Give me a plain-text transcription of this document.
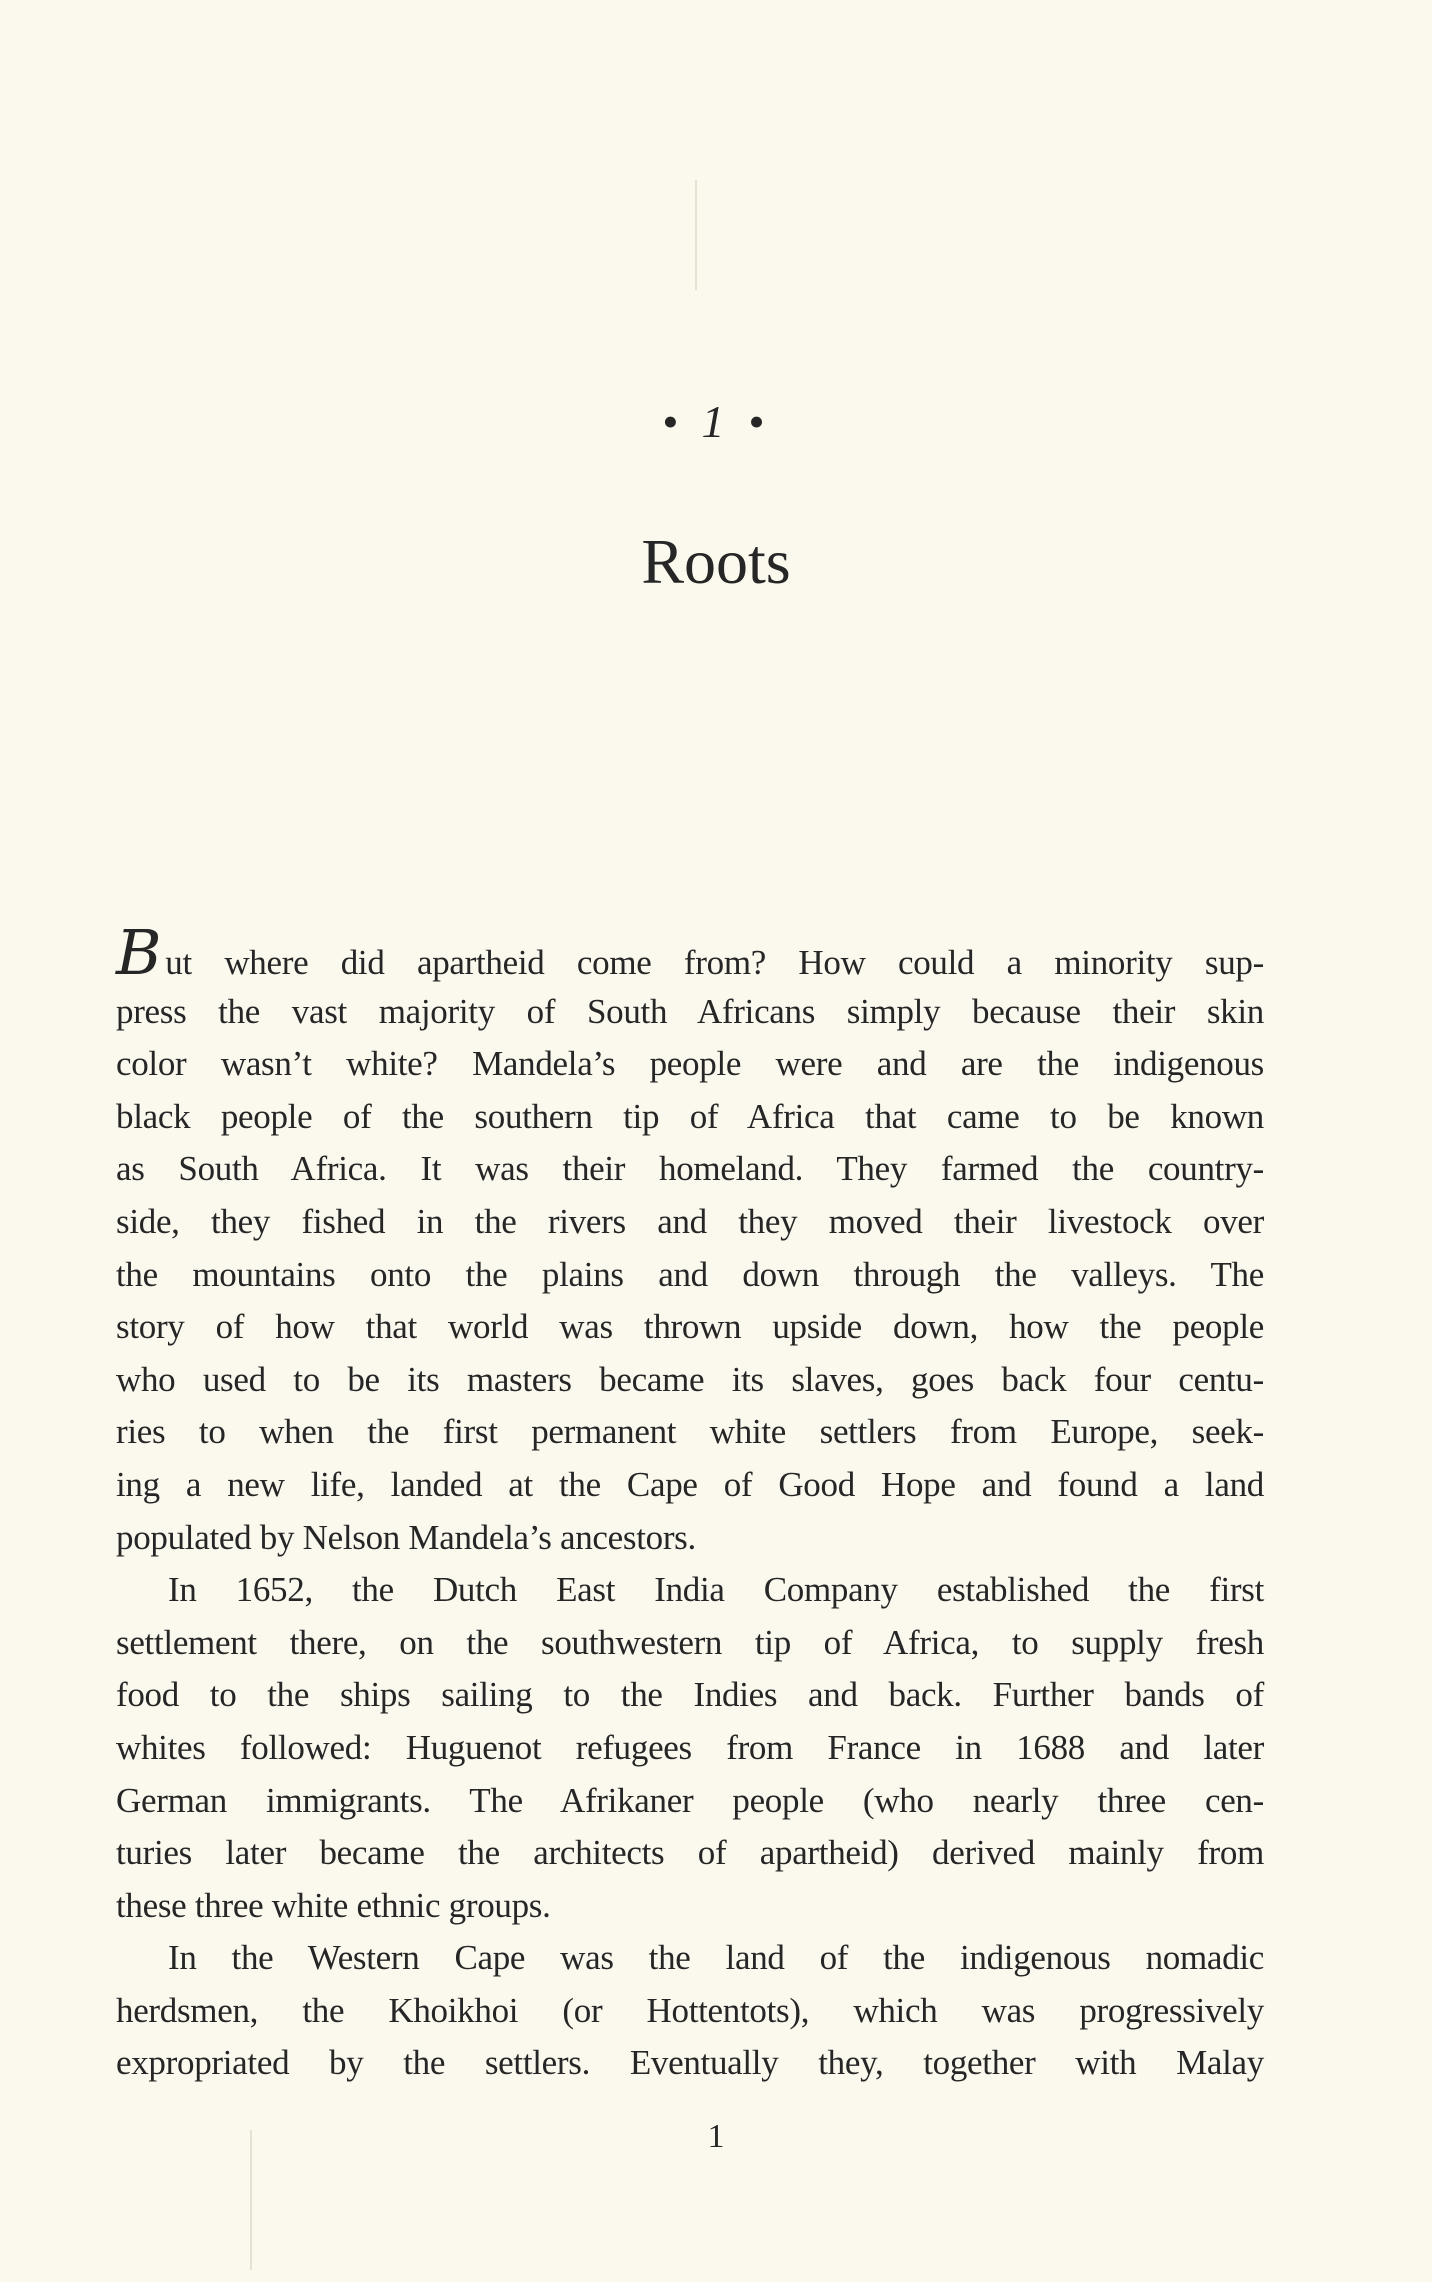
• 1 •
Roots
But where did apartheid come from? How could a minority sup-
press the vast majority of South Africans simply because their skin
color wasn’t white? Mandela’s people were and are the indigenous
black people of the southern tip of Africa that came to be known
as South Africa. It was their homeland. They farmed the country-
side, they fished in the rivers and they moved their livestock over
the mountains onto the plains and down through the valleys. The
story of how that world was thrown upside down, how the people
who used to be its masters became its slaves, goes back four centu-
ries to when the first permanent white settlers from Europe, seek-
ing a new life, landed at the Cape of Good Hope and found a land
populated by Nelson Mandela’s ancestors.
In 1652, the Dutch East India Company established the first
settlement there, on the southwestern tip of Africa, to supply fresh
food to the ships sailing to the Indies and back. Further bands of
whites followed: Huguenot refugees from France in 1688 and later
German immigrants. The Afrikaner people (who nearly three cen-
turies later became the architects of apartheid) derived mainly from
these three white ethnic groups.
In the Western Cape was the land of the indigenous nomadic
herdsmen, the Khoikhoi (or Hottentots), which was progressively
expropriated by the settlers. Eventually they, together with Malay
1
